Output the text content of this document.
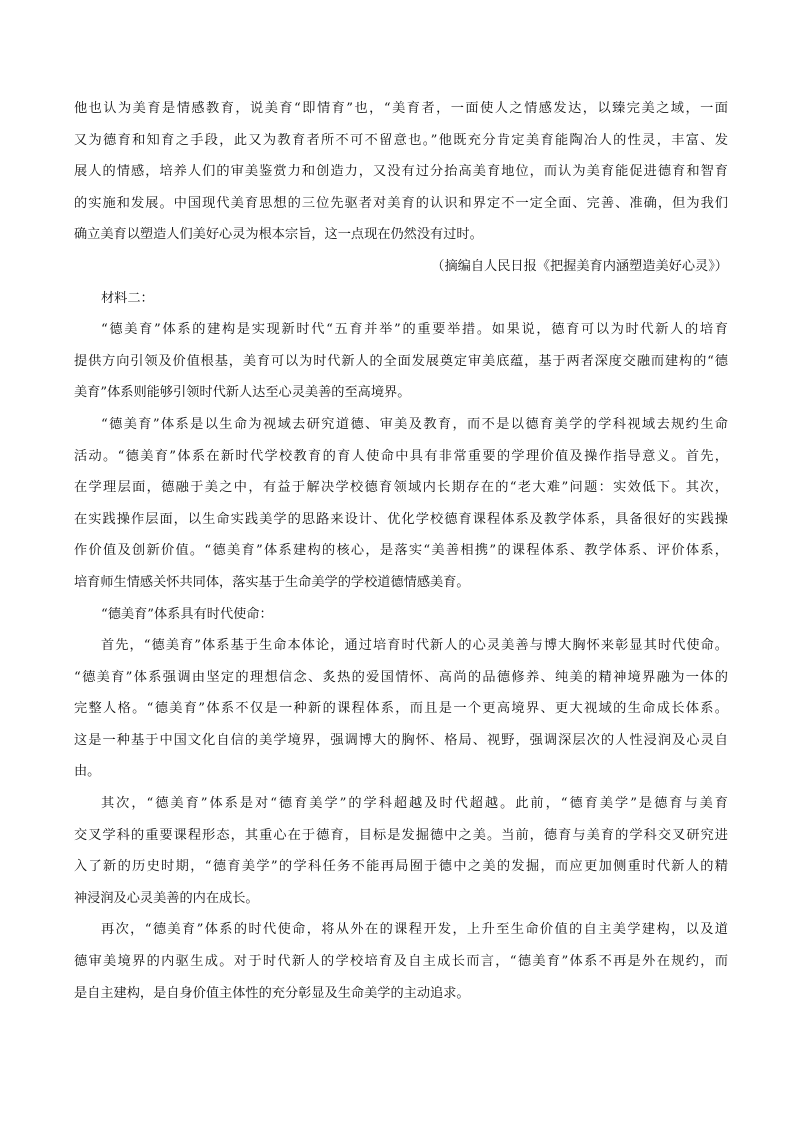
他也认为美育是情感教育，说美育“即情育”也，“美育者，一面使人之情感发达，以臻完美之域，一面
又为德育和知育之手段，此又为教育者所不可不留意也。”他既充分肯定美育能陶冶人的性灵，丰富、发
展人的情感，培养人们的审美鉴赏力和创造力，又没有过分抬高美育地位，而认为美育能促进德育和智育
的实施和发展。中国现代美育思想的三位先驱者对美育的认识和界定不一定全面、完善、准确，但为我们
确立美育以塑造人们美好心灵为根本宗旨，这一点现在仍然没有过时。
（摘编自人民日报《把握美育内涵塑造美好心灵》）
材料二：
“德美育”体系的建构是实现新时代“五育并举”的重要举措。如果说，德育可以为时代新人的培育
提供方向引领及价值根基，美育可以为时代新人的全面发展奠定审美底蕴，基于两者深度交融而建构的“德
美育”体系则能够引领时代新人达至心灵美善的至高境界。
“德美育”体系是以生命为视域去研究道德、审美及教育，而不是以德育美学的学科视域去规约生命
活动。“德美育”体系在新时代学校教育的育人使命中具有非常重要的学理价值及操作指导意义。首先，
在学理层面，德融于美之中，有益于解决学校德育领域内长期存在的“老大难”问题：实效低下。其次，
在实践操作层面，以生命实践美学的思路来设计、优化学校德育课程体系及教学体系，具备很好的实践操
作价值及创新价值。“德美育”体系建构的核心，是落实“美善相携”的课程体系、教学体系、评价体系，
培育师生情感关怀共同体，落实基于生命美学的学校道德情感美育。
“德美育”体系具有时代使命：
首先，“德美育”体系基于生命本体论，通过培育时代新人的心灵美善与博大胸怀来彰显其时代使命。
“德美育”体系强调由坚定的理想信念、炙热的爱国情怀、高尚的品德修养、纯美的精神境界融为一体的
完整人格。“德美育”体系不仅是一种新的课程体系，而且是一个更高境界、更大视域的生命成长体系。
这是一种基于中国文化自信的美学境界，强调博大的胸怀、格局、视野，强调深层次的人性浸润及心灵自
由。
其次，“德美育”体系是对“德育美学”的学科超越及时代超越。此前，“德育美学”是德育与美育
交叉学科的重要课程形态，其重心在于德育，目标是发掘德中之美。当前，德育与美育的学科交叉研究进
入了新的历史时期，“德育美学”的学科任务不能再局囿于德中之美的发掘，而应更加侧重时代新人的精
神浸润及心灵美善的内在成长。
再次，“德美育”体系的时代使命，将从外在的课程开发，上升至生命价值的自主美学建构，以及道
德审美境界的内驱生成。对于时代新人的学校培育及自主成长而言，“德美育”体系不再是外在规约，而
是自主建构，是自身价值主体性的充分彰显及生命美学的主动追求。
